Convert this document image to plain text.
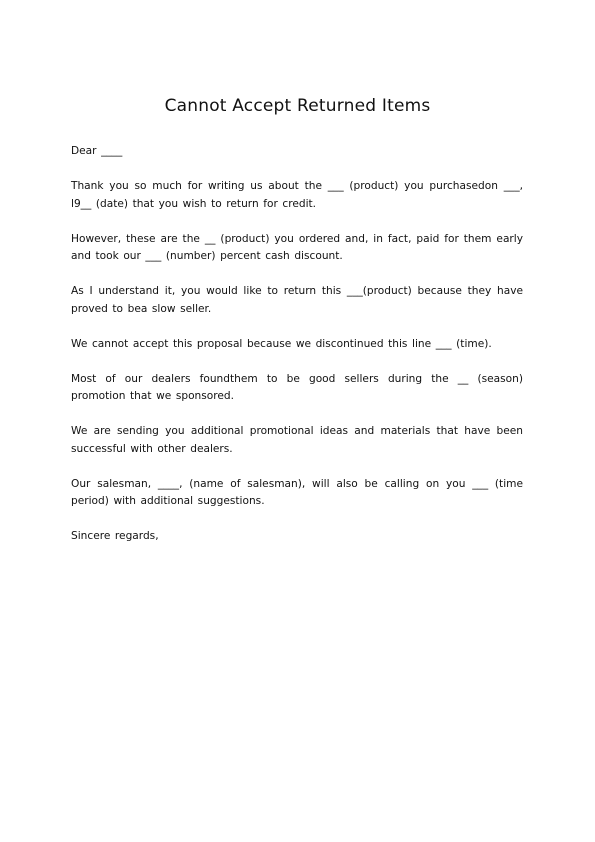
Cannot Accept Returned Items

Dear ____

Thank you so much for writing us about the ___ (product) you purchasedon ___, l9__ (date) that you wish to return for credit.

However, these are the __ (product) you ordered and, in fact, paid for them early and took our ___ (number) percent cash discount.

As I understand it, you would like to return this ___(product) because they have proved to bea slow seller.

We cannot accept this proposal because we discontinued this line ___ (time).

Most of our dealers foundthem to be good sellers during the __ (season) promotion that we sponsored.

We are sending you additional promotional ideas and materials that have been successful with other dealers.

Our salesman, ____, (name of salesman), will also be calling on you ___ (time period) with additional suggestions.

Sincere regards,
